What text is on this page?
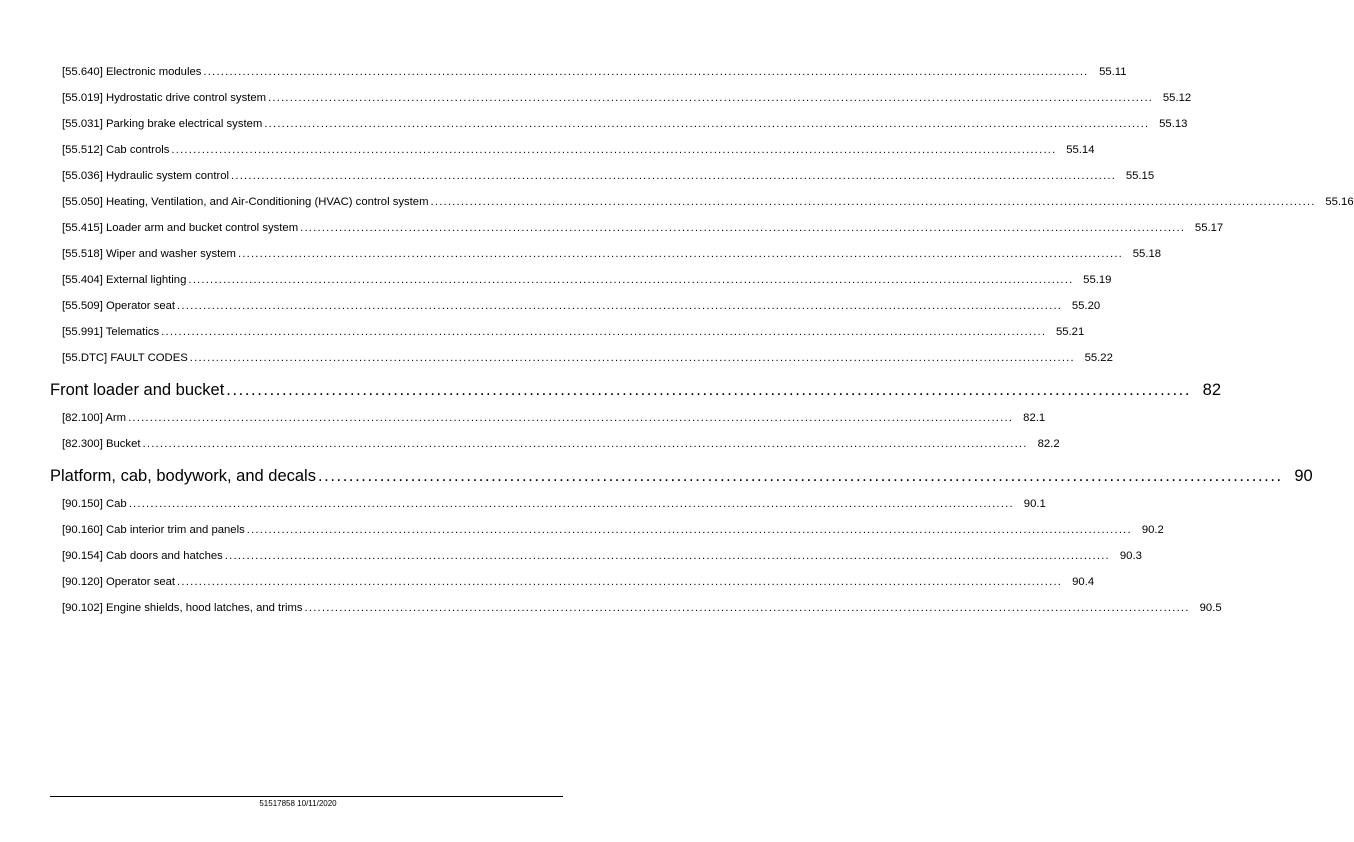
[55.640] Electronic modules ............................................................................................................................................................................................................ 55.11
[55.019] Hydrostatic drive control system ............................................................................................................................................................................................................ 55.12
[55.031] Parking brake electrical system ............................................................................................................................................................................................................ 55.13
[55.512] Cab controls ............................................................................................................................................................................................................ 55.14
[55.036] Hydraulic system control ............................................................................................................................................................................................................ 55.15
[55.050] Heating, Ventilation, and Air-Conditioning (HVAC) control system ............................................................................................................................................................................................................ 55.16
[55.415] Loader arm and bucket control system ............................................................................................................................................................................................................ 55.17
[55.518] Wiper and washer system ............................................................................................................................................................................................................ 55.18
[55.404] External lighting ............................................................................................................................................................................................................ 55.19
[55.509] Operator seat ............................................................................................................................................................................................................ 55.20
[55.991] Telematics ............................................................................................................................................................................................................ 55.21
[55.DTC] FAULT CODES ............................................................................................................................................................................................................ 55.22
Front loader and bucket ............................................................................................................................................................ 82
[82.100] Arm ............................................................................................................................................................................................................ 82.1
[82.300] Bucket ............................................................................................................................................................................................................ 82.2
Platform, cab, bodywork, and decals ............................................................................................................................................................ 90
[90.150] Cab ............................................................................................................................................................................................................ 90.1
[90.160] Cab interior trim and panels ............................................................................................................................................................................................................ 90.2
[90.154] Cab doors and hatches ............................................................................................................................................................................................................ 90.3
[90.120] Operator seat ............................................................................................................................................................................................................ 90.4
[90.102] Engine shields, hood latches, and trims ............................................................................................................................................................................................................ 90.5
51517858 10/11/2020
